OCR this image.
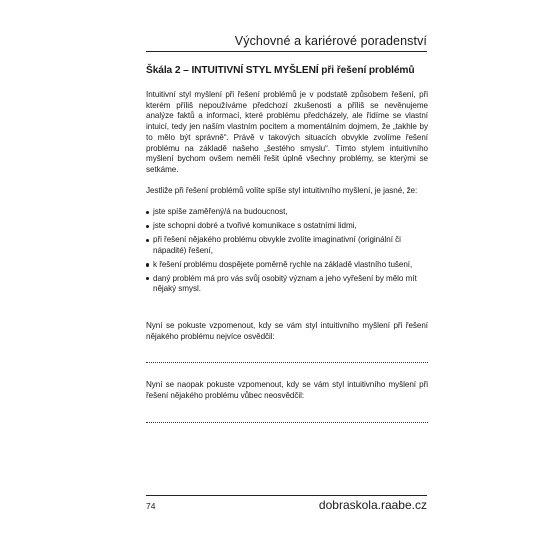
Výchovné a kariérové poradenství
Škála 2 – INTUITIVNÍ STYL MYŠLENÍ při řešení problémů

Intuitivní styl myšlení při řešení problémů je v podstatě způsobem řešení, při kterém příliš nepoužíváme předchozí zkušenosti a příliš se nevěnujeme analýze faktů a informací, které problému předcházely, ale řídíme se vlastní intuicí, tedy jen naším vlastním pocitem a momentálním dojmem, že „takhle by to mělo být správně“. Právě v takových situacích obvykle zvolíme řešení problému na základě našeho „šestého smyslu“. Tímto stylem intuitivního myšlení bychom ovšem neměli řešit úplně všechny problémy, se kterými se setkáme.

Jestliže při řešení problémů volíte spíše styl intuitivního myšlení, je jasné, že:

jste spíše zaměřený/á na budoucnost,
jste schopni dobré a tvořivé komunikace s ostatními lidmi,
při řešení nějakého problému obvykle zvolíte imaginativní (originální či nápadité) řešení,
k řešení problému dospějete poměrně rychle na základě vlastního tušení,
daný problém má pro vás svůj osobitý význam a jeho vyřešení by mělo mít nějaký smysl.

Nyní se pokuste vzpomenout, kdy se vám styl intuitivního myšlení při řešení nějakého problému nejvíce osvědčil:

Nyní se naopak pokuste vzpomenout, kdy se vám styl intuitivního myšlení při řešení nějakého problému vůbec neosvědčil:

74	dobraskola.raabe.cz
